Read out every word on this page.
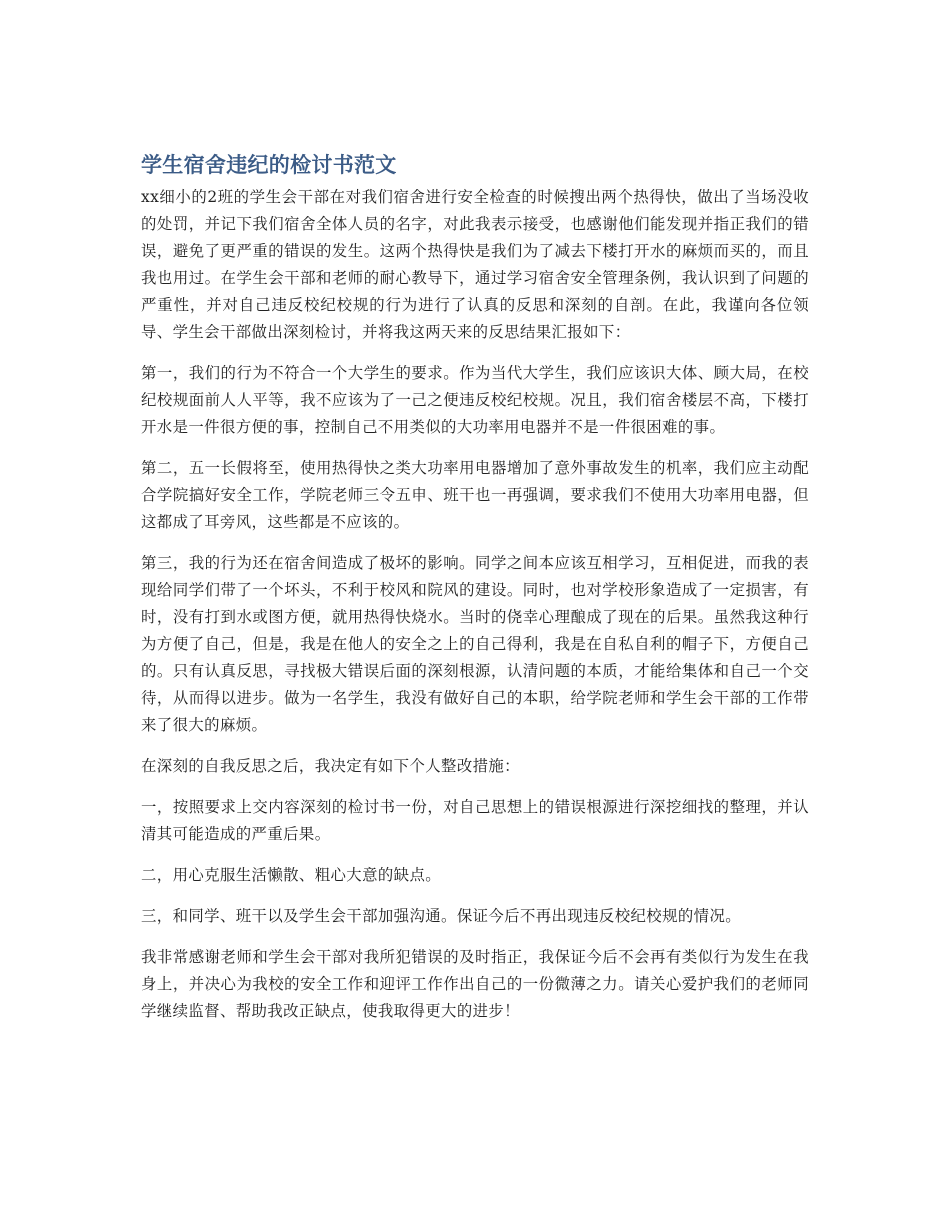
学生宿舍违纪的检讨书范文

xx细小的2班的学生会干部在对我们宿舍进行安全检查的时候搜出两个热得快，做出了当场没收的处罚，并记下我们宿舍全体人员的名字，对此我表示接受，也感谢他们能发现并指正我们的错误，避免了更严重的错误的发生。这两个热得快是我们为了减去下楼打开水的麻烦而买的，而且我也用过。在学生会干部和老师的耐心教导下，通过学习宿舍安全管理条例，我认识到了问题的严重性，并对自己违反校纪校规的行为进行了认真的反思和深刻的自剖。在此，我谨向各位领导、学生会干部做出深刻检讨，并将我这两天来的反思结果汇报如下：

第一，我们的行为不符合一个大学生的要求。作为当代大学生，我们应该识大体、顾大局，在校纪校规面前人人平等，我不应该为了一己之便违反校纪校规。况且，我们宿舍楼层不高，下楼打开水是一件很方便的事，控制自己不用类似的大功率用电器并不是一件很困难的事。

第二，五一长假将至，使用热得快之类大功率用电器增加了意外事故发生的机率，我们应主动配合学院搞好安全工作，学院老师三令五申、班干也一再强调，要求我们不使用大功率用电器，但这都成了耳旁风，这些都是不应该的。

第三，我的行为还在宿舍间造成了极坏的影响。同学之间本应该互相学习，互相促进，而我的表现给同学们带了一个坏头，不利于校风和院风的建设。同时，也对学校形象造成了一定损害，有时，没有打到水或图方便，就用热得快烧水。当时的侥幸心理酿成了现在的后果。虽然我这种行为方便了自己，但是，我是在他人的安全之上的自己得利，我是在自私自利的帽子下，方便自己的。只有认真反思，寻找极大错误后面的深刻根源，认清问题的本质，才能给集体和自己一个交待，从而得以进步。做为一名学生，我没有做好自己的本职，给学院老师和学生会干部的工作带来了很大的麻烦。

在深刻的自我反思之后，我决定有如下个人整改措施：

一，按照要求上交内容深刻的检讨书一份，对自己思想上的错误根源进行深挖细找的整理，并认清其可能造成的严重后果。

二，用心克服生活懒散、粗心大意的缺点。

三，和同学、班干以及学生会干部加强沟通。保证今后不再出现违反校纪校规的情况。

我非常感谢老师和学生会干部对我所犯错误的及时指正，我保证今后不会再有类似行为发生在我身上，并决心为我校的安全工作和迎评工作作出自己的一份微薄之力。请关心爱护我们的老师同学继续监督、帮助我改正缺点，使我取得更大的进步！
